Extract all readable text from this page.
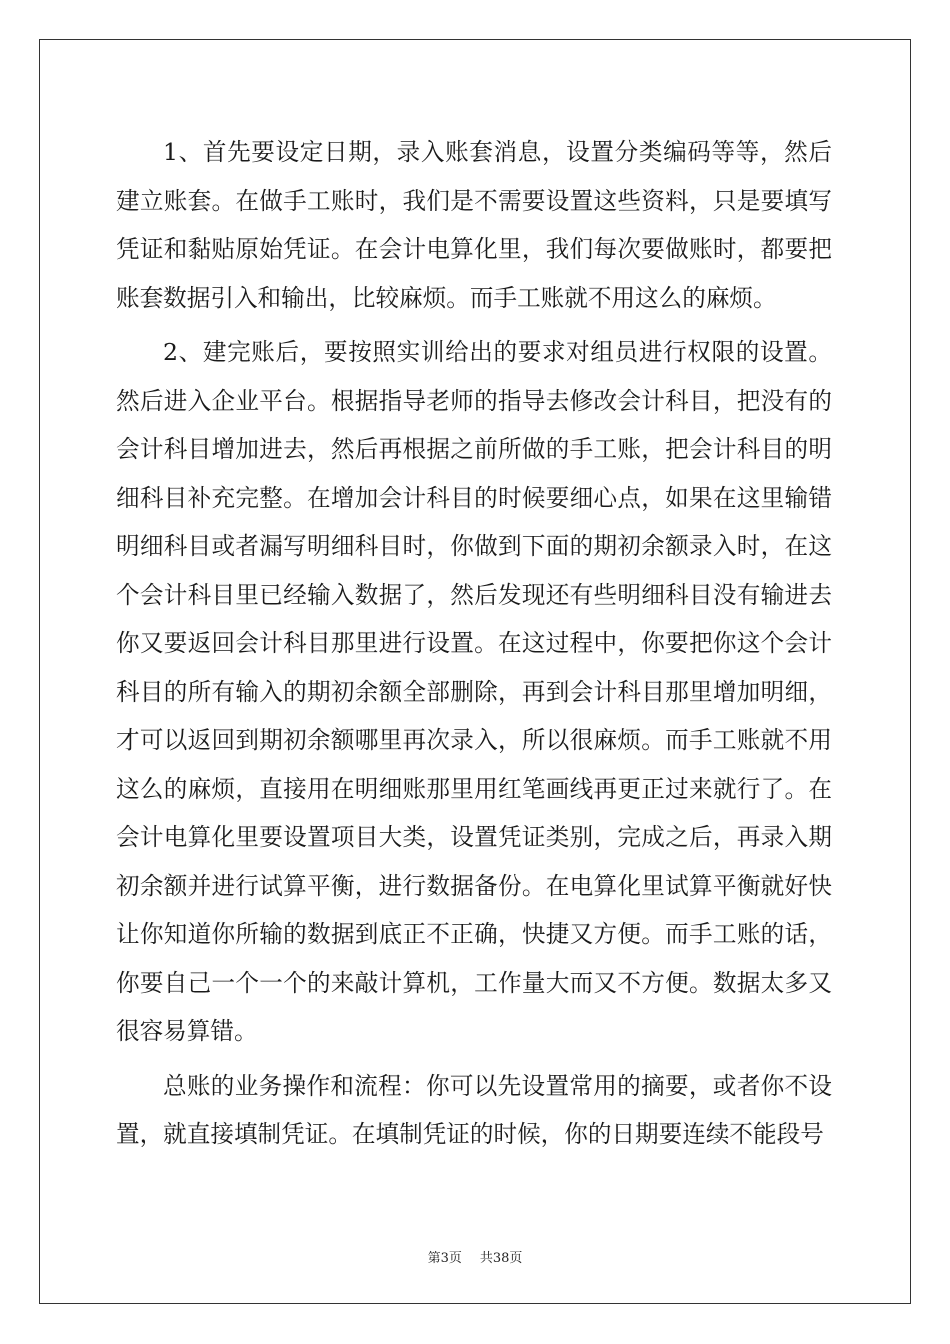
1、首先要设定日期，录入账套消息，设置分类编码等等，然后建立账套。在做手工账时，我们是不需要设置这些资料，只是要填写凭证和黏贴原始凭证。在会计电算化里，我们每次要做账时，都要把账套数据引入和输出，比较麻烦。而手工账就不用这么的麻烦。

2、建完账后，要按照实训给出的要求对组员进行权限的设置。然后进入企业平台。根据指导老师的指导去修改会计科目，把没有的会计科目增加进去，然后再根据之前所做的手工账，把会计科目的明细科目补充完整。在增加会计科目的时候要细心点，如果在这里输错明细科目或者漏写明细科目时，你做到下面的期初余额录入时，在这个会计科目里已经输入数据了，然后发现还有些明细科目没有输进去你又要返回会计科目那里进行设置。在这过程中，你要把你这个会计科目的所有输入的期初余额全部删除，再到会计科目那里增加明细，才可以返回到期初余额哪里再次录入，所以很麻烦。而手工账就不用这么的麻烦，直接用在明细账那里用红笔画线再更正过来就行了。在会计电算化里要设置项目大类，设置凭证类别，完成之后，再录入期初余额并进行试算平衡，进行数据备份。在电算化里试算平衡就好快让你知道你所输的数据到底正不正确，快捷又方便。而手工账的话，你要自己一个一个的来敲计算机，工作量大而又不方便。数据太多又很容易算错。

总账的业务操作和流程：你可以先设置常用的摘要，或者你不设置，就直接填制凭证。在填制凭证的时候，你的日期要连续不能段号

第3页 共38页
